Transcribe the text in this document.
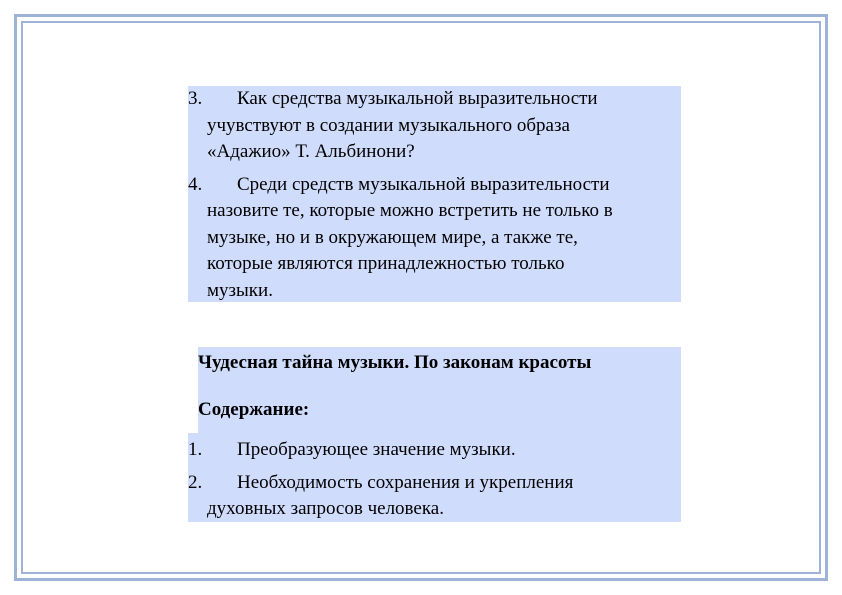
3.	Как средства музыкальной выразительности
учувствуют в создании музыкального образа
«Адажио» Т. Альбинони?
4.	Среди средств музыкальной выразительности
назовите те, которые можно встретить не только в
музыке, но и в окружающем мире, а также те,
которые являются принадлежностью только
музыки.
Чудесная тайна музыки. По законам красоты
Содержание:
1.	Преобразующее значение музыки.
2.	Необходимость сохранения и укрепления
духовных запросов человека.
